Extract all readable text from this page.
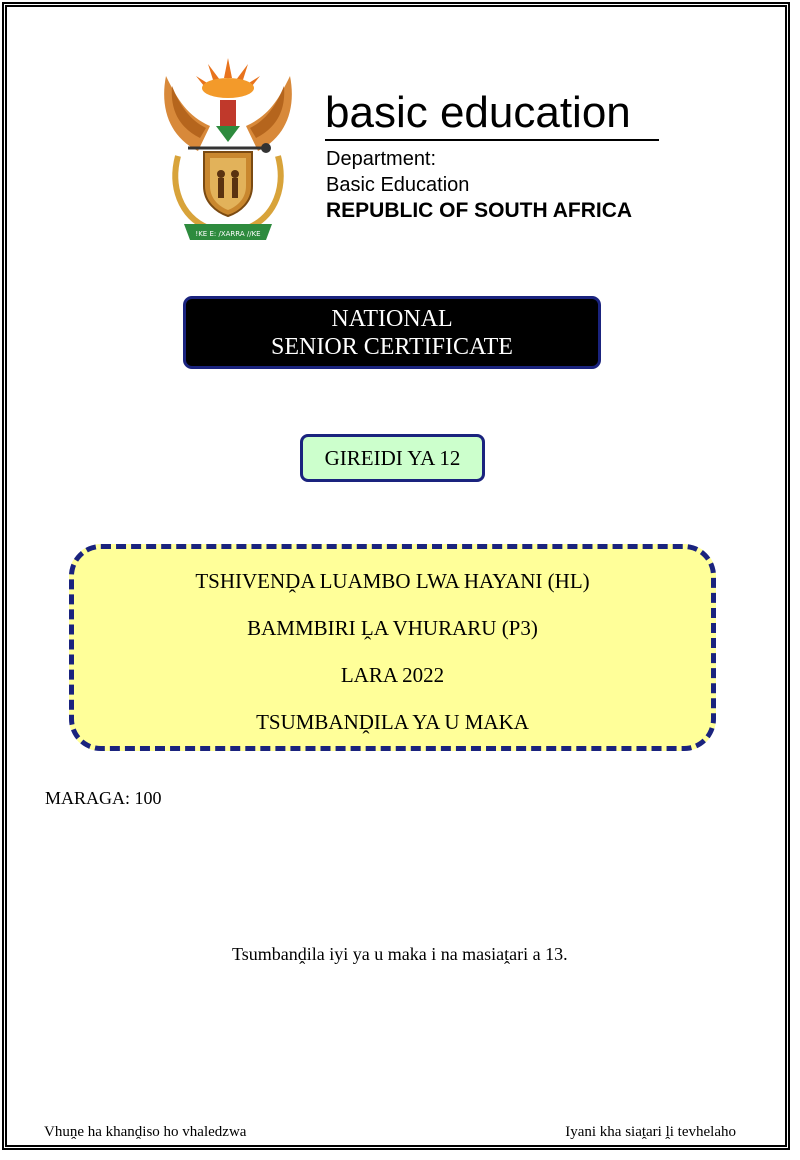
!KE E: /XARRA //KE
basic education
Department:
Basic Education
REPUBLIC OF SOUTH AFRICA
NATIONAL
SENIOR CERTIFICATE
GIREIDI YA 12
TSHIVENḒA LUAMBO LWA HAYANI (HL)
BAMMBIRI ḼA VHURARU (P3)
LARA 2022
TSUMBANḒILA YA U MAKA
MARAGA: 100
Tsumbanḓila iyi ya u maka i na masiaṱari a 13.
Vhuṋe ha khanḓiso ho vhaledzwa	Iyani kha siaṱari ḽi tevhelaho
